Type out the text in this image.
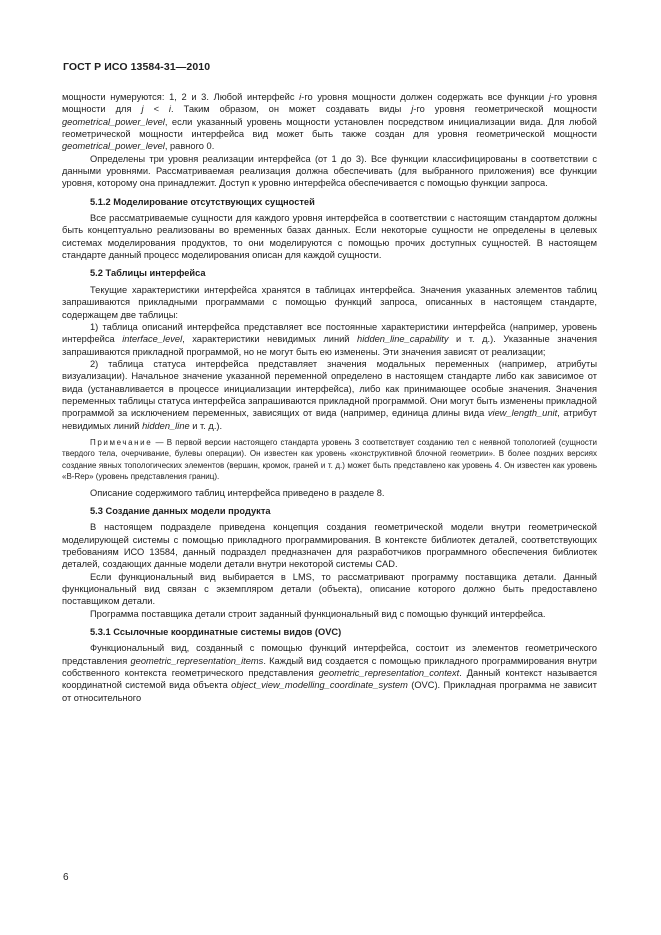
ГОСТ Р ИСО 13584-31—2010

мощности нумеруются: 1, 2 и 3. Любой интерфейс i-го уровня мощности должен содержать все функции j-го уровня мощности для j < i. Таким образом, он может создавать виды j-го уровня геометрической мощности geometrical_power_level, если указанный уровень мощности установлен посредством инициализации вида. Для любой геометрической мощности интерфейса вид может быть также создан для уровня геометрической мощности geometrical_power_level, равного 0.

Определены три уровня реализации интерфейса (от 1 до 3). Все функции классифицированы в соответствии с данными уровнями. Рассматриваемая реализация должна обеспечивать (для выбранного приложения) все функции уровня, которому она принадлежит. Доступ к уровню интерфейса обеспечивается с помощью функции запроса.

5.1.2 Моделирование отсутствующих сущностей

Все рассматриваемые сущности для каждого уровня интерфейса в соответствии с настоящим стандартом должны быть концептуально реализованы во временных базах данных. Если некоторые сущности не определены в целевых системах моделирования продуктов, то они моделируются с помощью прочих доступных сущностей. В настоящем стандарте данный процесс моделирования описан для каждой сущности.

5.2 Таблицы интерфейса

Текущие характеристики интерфейса хранятся в таблицах интерфейса. Значения указанных элементов таблиц запрашиваются прикладными программами с помощью функций запроса, описанных в настоящем стандарте, содержащем две таблицы:

1) таблица описаний интерфейса представляет все постоянные характеристики интерфейса (например, уровень интерфейса interface_level, характеристики невидимых линий hidden_line_capability и т. д.). Указанные значения запрашиваются прикладной программой, но не могут быть ею изменены. Эти значения зависят от реализации;

2) таблица статуса интерфейса представляет значения модальных переменных (например, атрибуты визуализации). Начальное значение указанной переменной определено в настоящем стандарте либо как зависимое от вида (устанавливается в процессе инициализации интерфейса), либо как принимающее особые значения. Значения переменных таблицы статуса интерфейса запрашиваются прикладной программой. Они могут быть изменены прикладной программой за исключением переменных, зависящих от вида (например, единица длины вида view_length_unit, атрибут невидимых линий hidden_line и т. д.).

Примечание — В первой версии настоящего стандарта уровень 3 соответствует созданию тел с неявной топологией (сущности твердого тела, очерчивание, булевы операции). Он известен как уровень «конструктивной блочной геометрии». В более поздних версиях создание явных топологических элементов (вершин, кромок, граней и т. д.) может быть представлено как уровень 4. Он известен как уровень «B-Rep» (уровень представления границ).

Описание содержимого таблиц интерфейса приведено в разделе 8.

5.3 Создание данных модели продукта

В настоящем подразделе приведена концепция создания геометрической модели внутри геометрической моделирующей системы с помощью прикладного программирования. В контексте библиотек деталей, соответствующих требованиям ИСО 13584, данный подраздел предназначен для разработчиков программного обеспечения библиотек деталей, создающих данные модели детали внутри некоторой системы CAD.

Если функциональный вид выбирается в LMS, то рассматривают программу поставщика детали. Данный функциональный вид связан с экземпляром детали (объекта), описание которого должно быть предоставлено поставщиком детали.

Программа поставщика детали строит заданный функциональный вид с помощью функций интерфейса.

5.3.1 Ссылочные координатные системы видов (OVC)

Функциональный вид, созданный с помощью функций интерфейса, состоит из элементов геометрического представления geometric_representation_items. Каждый вид создается с помощью прикладного программирования внутри собственного контекста геометрического представления geometric_representation_context. Данный контекст называется координатной системой вида объекта object_view_modelling_coordinate_system (OVC). Прикладная программа не зависит от относительного

6
